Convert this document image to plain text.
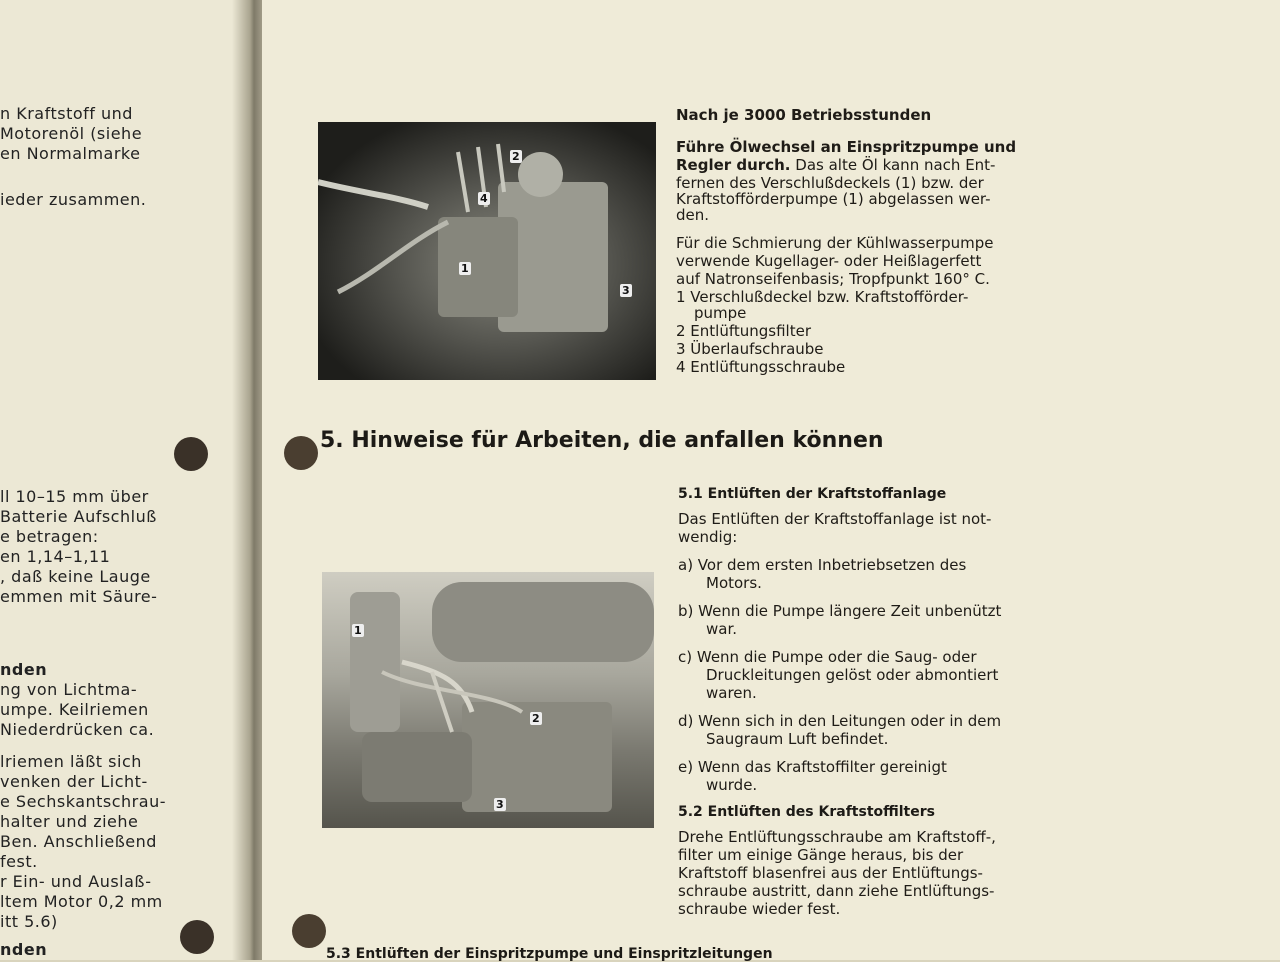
n Kraftstoff und
Motorenöl (siehe
en Normalmarke
ieder zusammen.
ll 10–15 mm über
Batterie Aufschluß
e betragen:
en 1,14–1,11
, daß keine Lauge
emmen mit Säure-
nden
ng von Lichtma-
umpe. Keilriemen
Niederdrücken ca.
lriemen läßt sich
venken der Licht-
e Sechskantschrau-
halter und ziehe
Ben. Anschließend
fest.
r Ein- und Auslaß-
ltem Motor 0,2 mm
itt 5.6)
nden
2
4
1
3
Nach je 3000 Betriebsstunden
Führe Ölwechsel an Einspritzpumpe und
Regler durch. Das alte Öl kann nach Ent-
fernen des Verschlußdeckels (1) bzw. der
Kraftstofförderpumpe (1) abgelassen wer-
den.
Für die Schmierung der Kühlwasserpumpe
verwende Kugellager- oder Heißlagerfett
auf Natronseifenbasis; Tropfpunkt 160° C.
1 Verschlußdeckel bzw. Kraftstofförder-
pumpe
2 Entlüftungsfilter
3 Überlaufschraube
4 Entlüftungsschraube
5. Hinweise für Arbeiten, die anfallen können
1
2
3
5.1 Entlüften der Kraftstoffanlage
Das Entlüften der Kraftstoffanlage ist not-
wendig:
a) Vor dem ersten Inbetriebsetzen des
Motors.
b) Wenn die Pumpe längere Zeit unbenützt
war.
c) Wenn die Pumpe oder die Saug- oder
Druckleitungen gelöst oder abmontiert
waren.
d) Wenn sich in den Leitungen oder in dem
Saugraum Luft befindet.
e) Wenn das Kraftstoffilter gereinigt
wurde.
5.2 Entlüften des Kraftstoffilters
Drehe Entlüftungsschraube am Kraftstoff-,
filter um einige Gänge heraus, bis der
Kraftstoff blasenfrei aus der Entlüftungs-
schraube austritt, dann ziehe Entlüftungs-
schraube wieder fest.
5.3 Entlüften der Einspritzpumpe und Einspritzleitungen
